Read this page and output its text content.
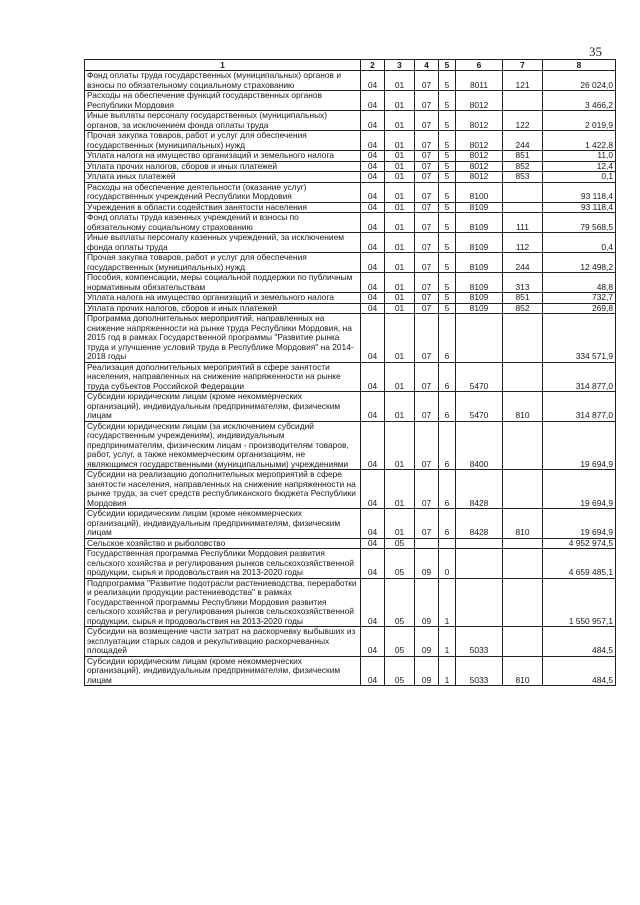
35
1	2	3	4	5	6	7	8
Фонд оплаты труда государственных (муниципальных) органов и взносы по обязательному социальному страхованию	04	01	07	5	8011	121	26 024,0
Расходы на обеспечение функций государственных органов Республики Мордовия	04	01	07	5	8012		3 466,2
Иные выплаты персоналу государственных (муниципальных) органов, за исключением фонда оплаты труда	04	01	07	5	8012	122	2 019,9
Прочая закупка товаров, работ и услуг для обеспечения государственных (муниципальных) нужд	04	01	07	5	8012	244	1 422,8
Уплата налога на имущество организаций и земельного налога	04	01	07	5	8012	851	11,0
Уплата прочих налогов, сборов и иных платежей	04	01	07	5	8012	852	12,4
Уплата иных платежей	04	01	07	5	8012	853	0,1
Расходы на обеспечение деятельности (оказание услуг) государственных учреждений Республики Мордовия	04	01	07	5	8100		93 118,4
Учреждения в области содействия занятости населения	04	01	07	5	8109		93 118,4
Фонд оплаты труда казенных учреждений и взносы по обязательному социальному страхованию	04	01	07	5	8109	111	79 568,5
Иные выплаты персоналу казенных учреждений, за исключением фонда оплаты труда	04	01	07	5	8109	112	0,4
Прочая закупка товаров, работ и услуг для обеспечения государственных (муниципальных) нужд	04	01	07	5	8109	244	12 498,2
Пособия, компенсации, меры социальной поддержки по публичным нормативным обязательствам	04	01	07	5	8109	313	48,8
Уплата налога на имущество организаций и земельного налога	04	01	07	5	8109	851	732,7
Уплата прочих налогов, сборов и иных платежей	04	01	07	5	8109	852	269,8
Программа дополнительных мероприятий, направленных на снижение напряженности на рынке труда Республики Мордовия, на 2015 год в рамках Государственной программы "Развитие рынка труда и улучшение условий труда в Республике Мордовия" на 2014-2018 годы	04	01	07	6			334 571,9
Реализация дополнительных мероприятий в сфере занятости населения, направленных на снижение напряженности на рынке труда субъектов Российской Федерации	04	01	07	6	5470		314 877,0
Субсидии юридическим лицам (кроме некоммерческих организаций), индивидуальным предпринимателям, физическим лицам	04	01	07	6	5470	810	314 877,0
Субсидии юридическим лицам (за исключением субсидий государственным учреждениям), индивидуальным предпринимателям, физическим лицам - производителям товаров, работ, услуг, а также некоммерческим организациям, не являющимся государственными (муниципальными) учреждениями	04	01	07	6	8400		19 694,9
Субсидии на реализацию дополнительных мероприятий в сфере занятости населения, направленных на снижение напряженности на рынке труда, за счет средств республиканского бюджета Республики Мордовия	04	01	07	6	8428		19 694,9
Субсидии юридическим лицам (кроме некоммерческих организаций), индивидуальным предпринимателям, физическим лицам	04	01	07	6	8428	810	19 694,9
Сельское хозяйство и рыболовство	04	05					4 952 974,5
Государственная программа Республики Мордовия развития сельского хозяйства и регулирования рынков сельскохозяйственной продукции, сырья и продовольствия на 2013-2020 годы	04	05	09	0			4 659 485,1
Подпрограмма "Развитие подотрасли растениеводства, переработки и реализации продукции растениеводства" в рамках Государственной программы Республики Мордовия развития сельского хозяйства и регулирования рынков сельскохозяйственной продукции, сырья и продовольствия на 2013-2020 годы	04	05	09	1			1 550 957,1
Субсидии на возмещение части затрат на раскорчевку выбывших из эксплуатации старых садов и рекультивацию раскорчеванных площадей	04	05	09	1	5033		484,5
Субсидии юридическим лицам (кроме некоммерческих организаций), индивидуальным предпринимателям, физическим лицам	04	05	09	1	5033	810	484,5
